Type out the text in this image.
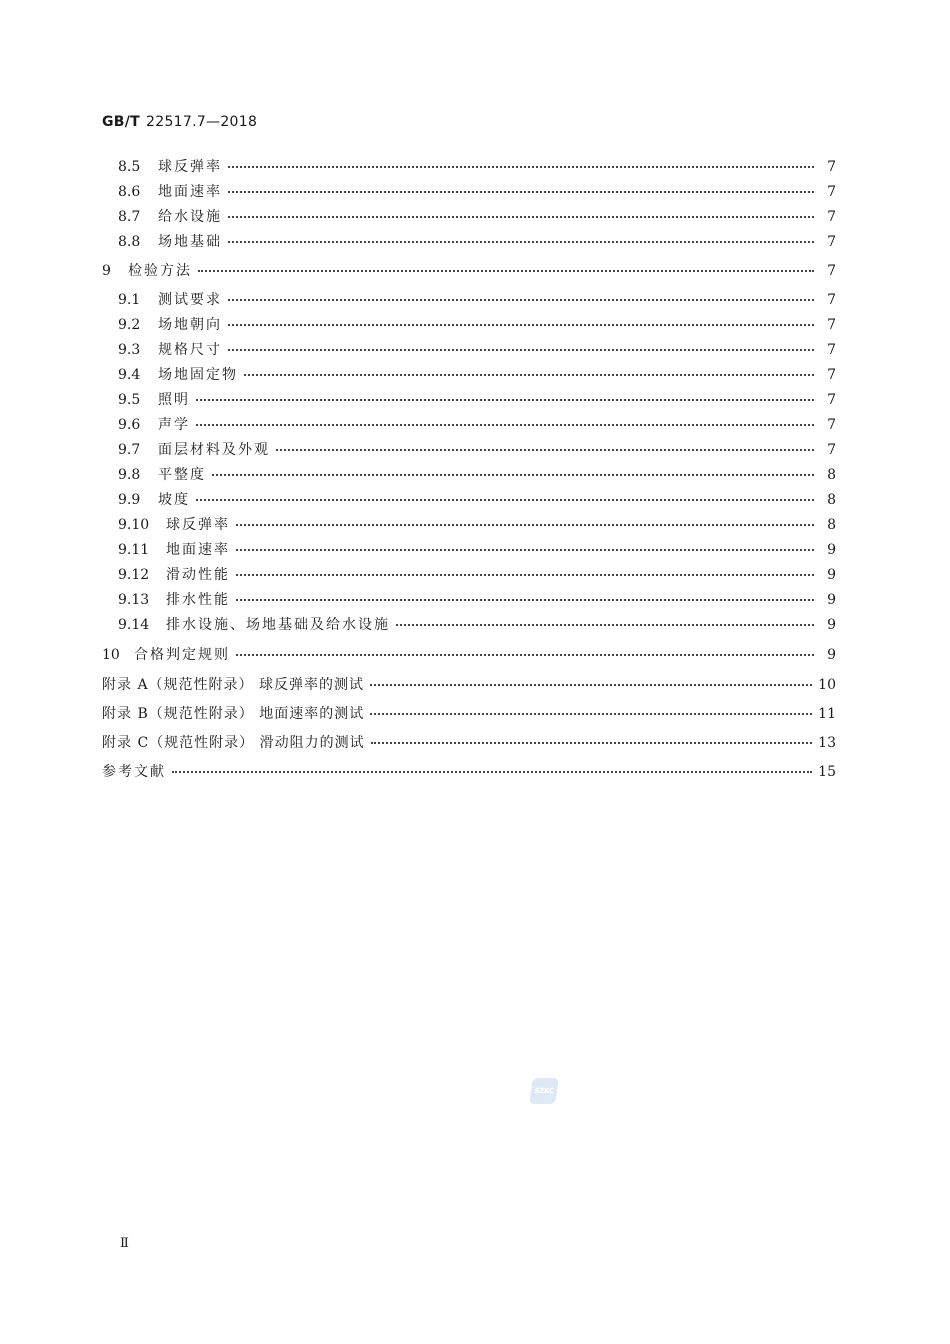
GB/T 22517.7—2018
8.5	球反弹率	7
8.6	地面速率	7
8.7	给水设施	7
8.8	场地基础	7
9	检验方法	7
9.1	测试要求	7
9.2	场地朝向	7
9.3	规格尺寸	7
9.4	场地固定物	7
9.5	照明	7
9.6	声学	7
9.7	面层材料及外观	7
9.8	平整度	8
9.9	坡度	8
9.10	球反弹率	8
9.11	地面速率	9
9.12	滑动性能	9
9.13	排水性能	9
9.14	排水设施、场地基础及给水设施	9
10	合格判定规则	9
附录 A（规范性附录） 球反弹率的测试	10
附录 B（规范性附录） 地面速率的测试	11
附录 C（规范性附录） 滑动阻力的测试	13
参考文献	15
SZKC
Ⅱ
